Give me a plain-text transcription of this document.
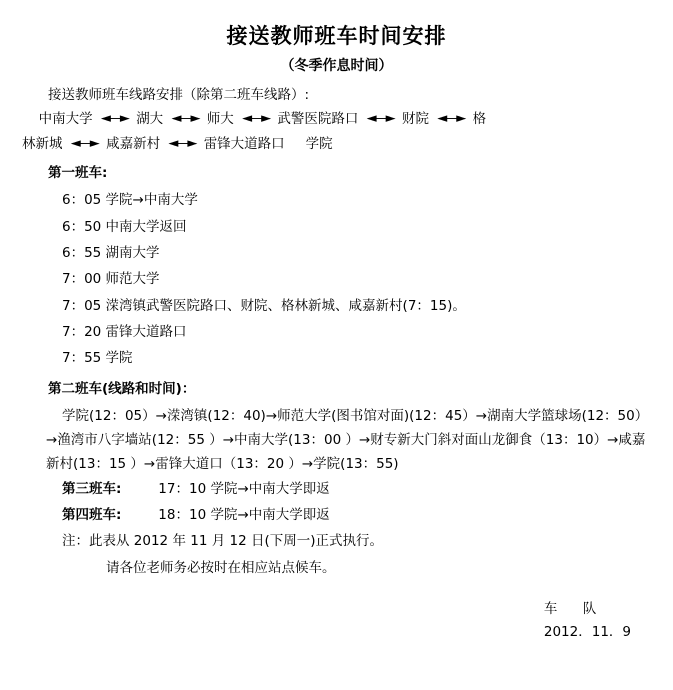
接送教师班车时间安排
（冬季作息时间）
接送教师班车线路安排（除第二班车线路）:
中南大学 ◄—► 湖大 ◄—► 师大 ◄—► 武警医院路口 ◄—► 财院 ◄—► 格
林新城 ◄—► 咸嘉新村 ◄—► 雷锋大道路口 学院
第一班车:
6：05 学院→中南大学
6：50 中南大学返回
6：55 湖南大学
7：00 师范大学
7：05 溁湾镇武警医院路口、财院、格林新城、咸嘉新村(7：15)。
7：20 雷锋大道路口
7：55 学院
第二班车(线路和时间)：
学院(12：05）→溁湾镇(12：40)→师范大学(图书馆对面)(12：45）→湖南大学篮球场(12：50）→渔湾市八字墙站(12：55 ）→中南大学(13：00 ）→财专新大门斜对面山龙御食（13：10）→咸嘉新村(13：15 ）→雷锋大道口（13：20 ）→学院(13：55)
第三班车:	17：10 学院→中南大学即返
第四班车:	18：10 学院→中南大学即返
注：此表从 2012 年 11 月 12 日(下周一)正式执行。
请各位老师务必按时在相应站点候车。
车　队
2012．11．9
